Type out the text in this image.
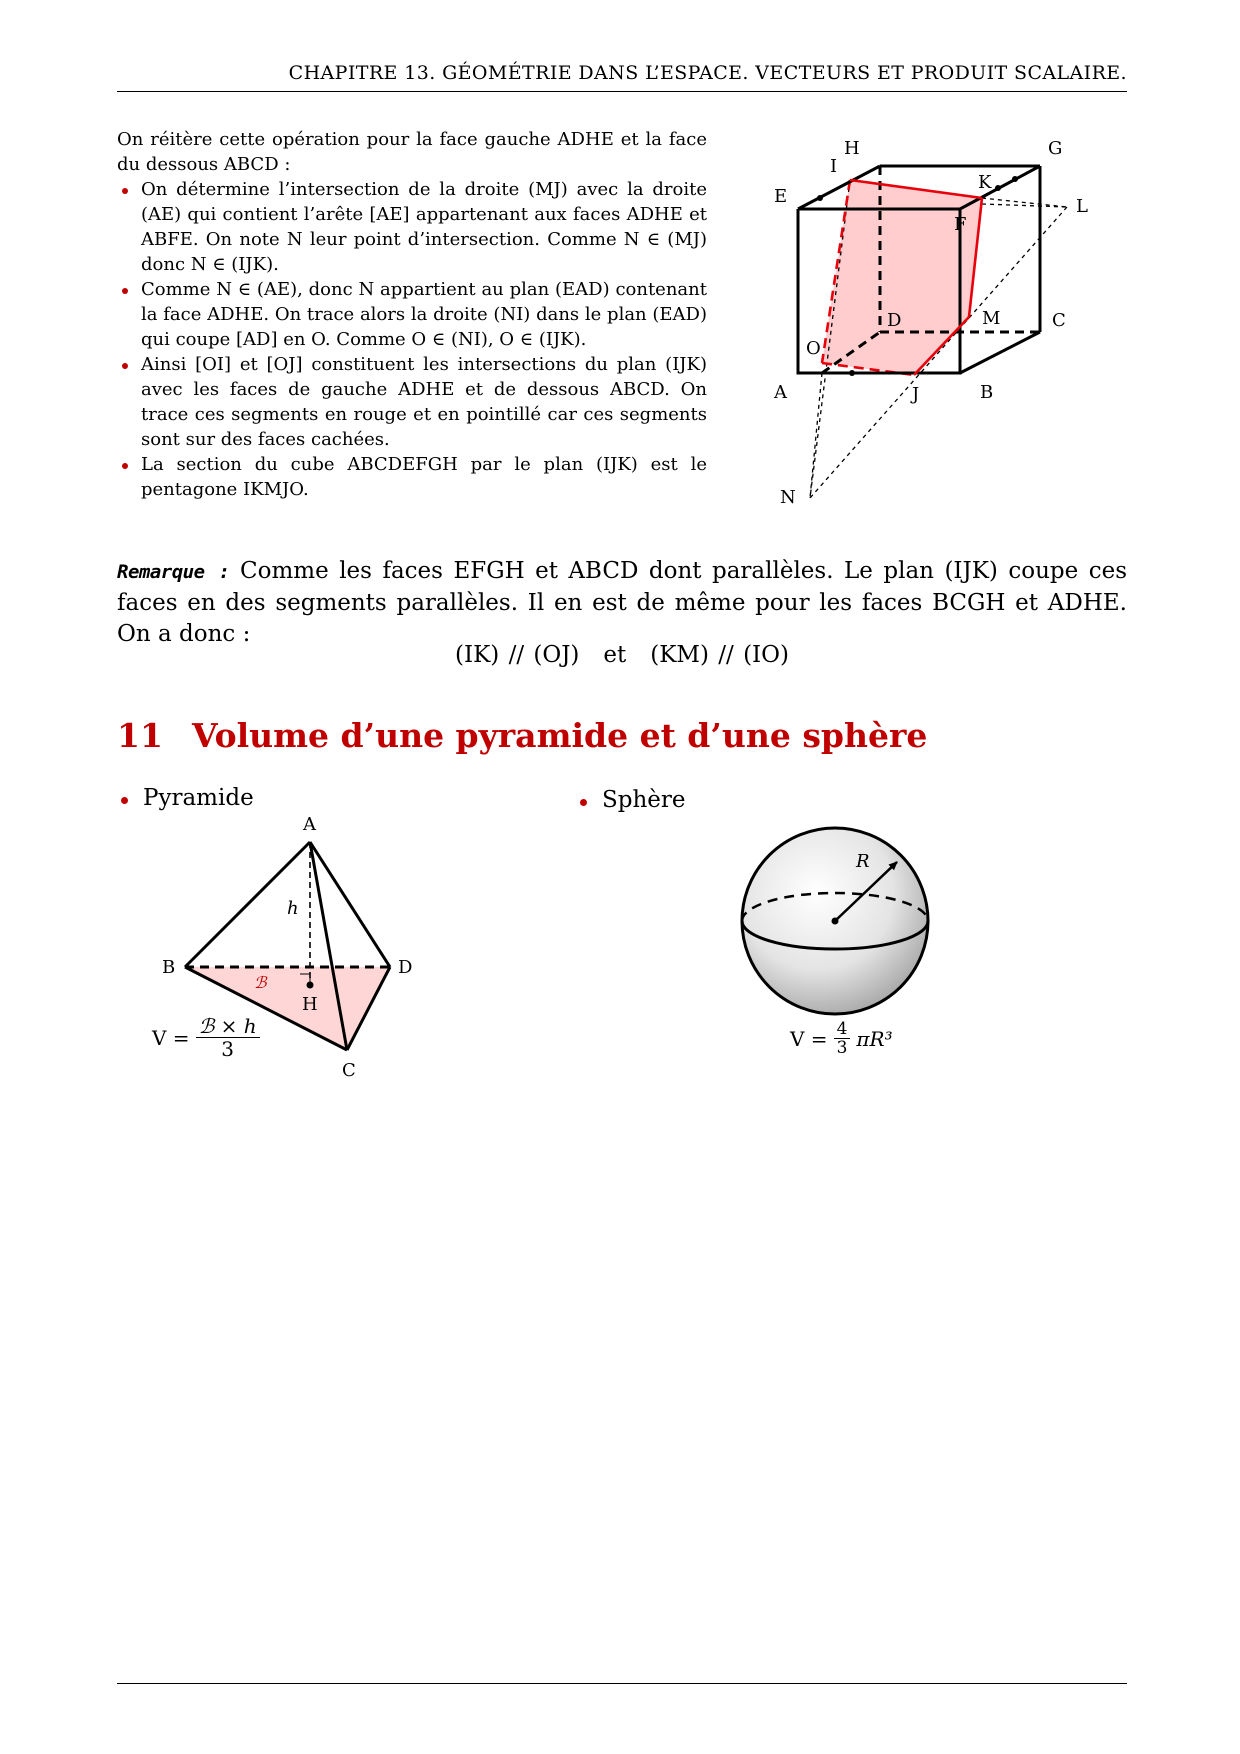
CHAPITRE 13. GÉOMÉTRIE DANS L’ESPACE. VECTEURS ET PRODUIT SCALAIRE.

On réitère cette opération pour la face gauche ADHE et la face du dessous ABCD :

On détermine l’intersection de la droite (MJ) avec la droite (AE) qui contient l’arête [AE] appartenant aux faces ADHE et ABFE. On note N leur point d’intersection. Comme N ∈ (MJ) donc N ∈ (IJK).
Comme N ∈ (AE), donc N appartient au plan (EAD) contenant la face ADHE. On trace alors la droite (NI) dans le plan (EAD) qui coupe [AD] en O. Comme O ∈ (NI), O ∈ (IJK).
Ainsi [OI] et [OJ] constituent les intersections du plan (IJK) avec les faces de gauche ADHE et de dessous ABCD. On trace ces segments en rouge et en pointillé car ces segments sont sur des faces cachées.
La section du cube ABCDEFGH par le plan (IJK) est le pentagone IKMJO.
H
I
G
K
E
F
L
D	M	C
O
A	J	B
N
Remarque : Comme les faces EFGH et ABCD dont parallèles. Le plan (IJK) coupe ces faces en des segments parallèles. Il en est de même pour les faces BCGH et ADHE. On a donc :
(IK) // (OJ) et (KM) // (IO)
11 Volume d’une pyramide et d’une sphère
Pyramide	Sphère
A
B	D
C
H
h
ℬ
$V = \frac{\text{ℬ × h}}{3}$
R
$V = \frac{4}{3} \pi R^3$
